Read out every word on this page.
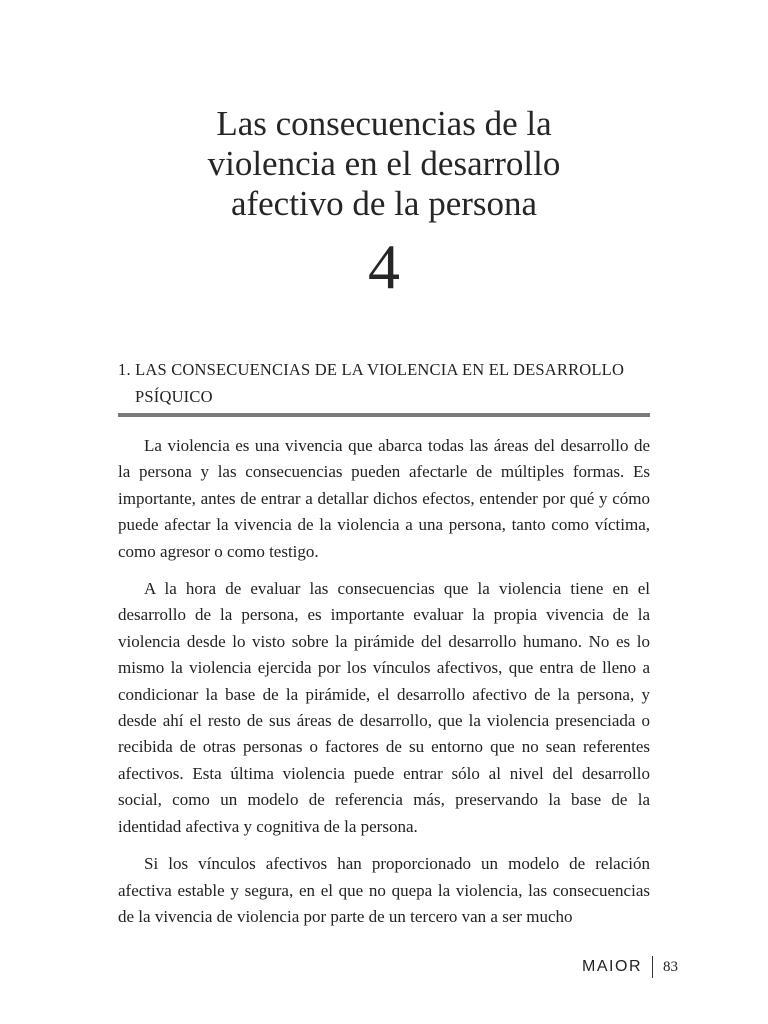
Las consecuencias de la
violencia en el desarrollo
afectivo de la persona
4
1. LAS CONSECUENCIAS DE LA VIOLENCIA EN EL DESARROLLO
PSÍQUICO

La violencia es una vivencia que abarca todas las áreas del desarrollo de la persona y las consecuencias pueden afectarle de múltiples formas. Es importante, antes de entrar a detallar dichos efectos, entender por qué y cómo puede afectar la vivencia de la violencia a una persona, tanto como víctima, como agresor o como testigo.

A la hora de evaluar las consecuencias que la violencia tiene en el desarrollo de la persona, es importante evaluar la propia vivencia de la violencia desde lo visto sobre la pirámide del desarrollo humano. No es lo mismo la violencia ejercida por los vínculos afectivos, que entra de lleno a condicionar la base de la pirámide, el desarrollo afectivo de la persona, y desde ahí el resto de sus áreas de desarrollo, que la violencia presenciada o recibida de otras personas o factores de su entorno que no sean referentes afectivos. Esta última violencia puede entrar sólo al nivel del desarrollo social, como un modelo de referencia más, preservando la base de la identidad afectiva y cognitiva de la persona.

Si los vínculos afectivos han proporcionado un modelo de relación afectiva estable y segura, en el que no quepa la violencia, las consecuencias de la vivencia de violencia por parte de un tercero van a ser mucho

MAIOR 83
